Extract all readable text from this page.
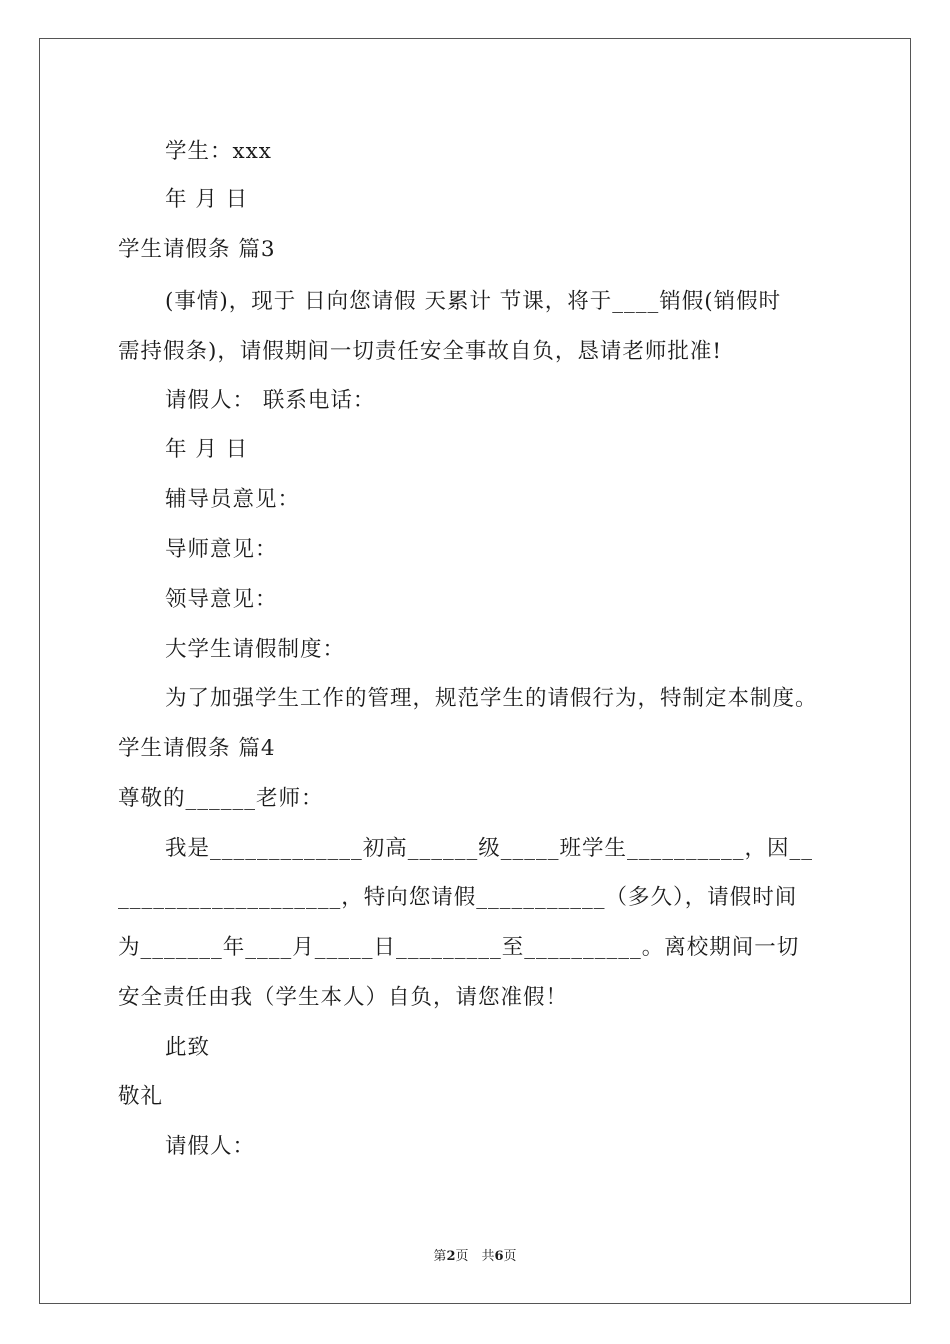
学生：xxx
年 月 日
学生请假条 篇3
(事情)，现于 日向您请假 天累计 节课，将于____销假(销假时
需持假条)，请假期间一切责任安全事故自负，恳请老师批准!
请假人： 联系电话：
年 月 日
辅导员意见：
导师意见：
领导意见：
大学生请假制度：
为了加强学生工作的管理，规范学生的请假行为，特制定本制度。
学生请假条 篇4
尊敬的______老师：
我是_____________初高______级_____班学生__________，因__
___________________，特向您请假___________（多久），请假时间
为_______年____月_____日_________至__________。离校期间一切
安全责任由我（学生本人）自负，请您准假！
此致
敬礼
请假人：
第2页　共6页
